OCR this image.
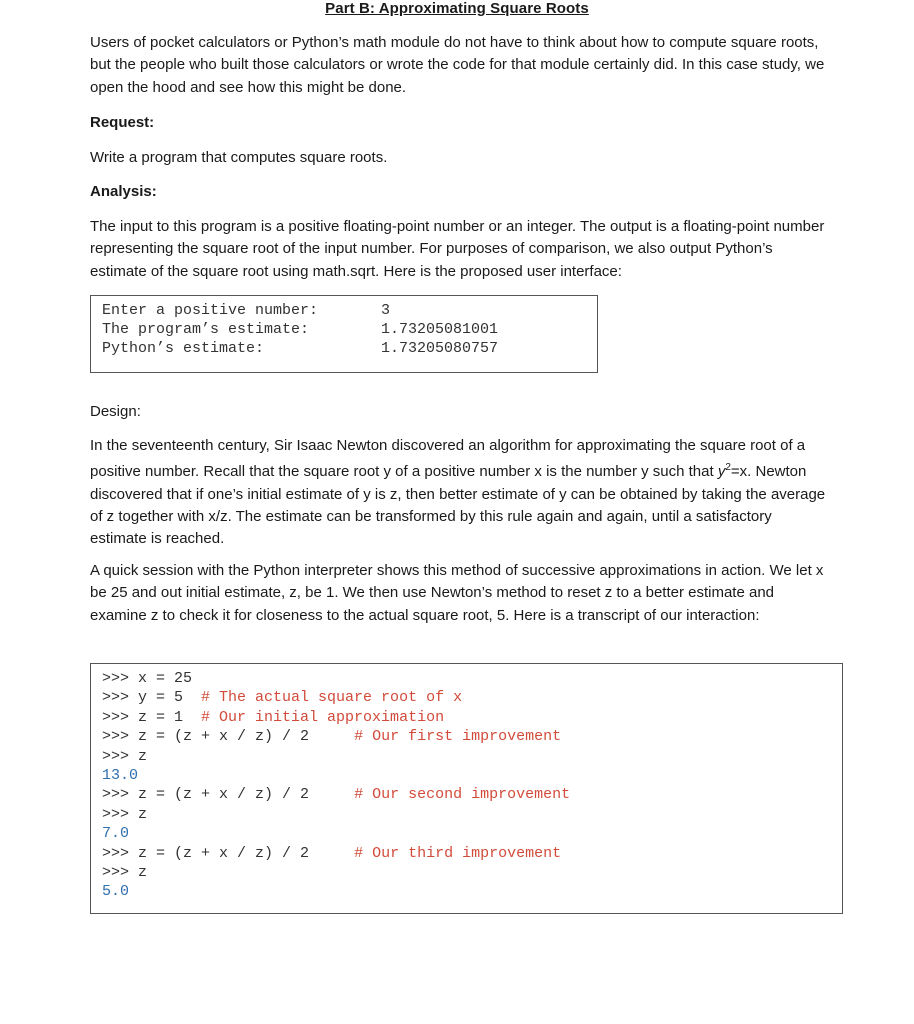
Part B: Approximating Square Roots
Users of pocket calculators or Python’s math module do not have to think about how to compute square roots, but the people who built those calculators or wrote the code for that module certainly did. In this case study, we open the hood and see how this might be done.
Request:
Write a program that computes square roots.
Analysis:
The input to this program is a positive floating-point number or an integer. The output is a floating-point number representing the square root of the input number. For purposes of comparison, we also output Python’s estimate of the square root using math.sqrt. Here is the proposed user interface:
Enter a positive number:	3
The program’s estimate:	1.73205081001
Python’s estimate:	1.73205080757
Design:
In the seventeenth century, Sir Isaac Newton discovered an algorithm for approximating the square root of a positive number. Recall that the square root y of a positive number x is the number y such that $y^2=x$. Newton discovered that if one’s initial estimate of y is z, then better estimate of y can be obtained by taking the average of z together with x/z. The estimate can be transformed by this rule again and again, until a satisfactory estimate is reached.
A quick session with the Python interpreter shows this method of successive approximations in action. We let x be 25 and out initial estimate, z, be 1. We then use Newton’s method to reset z to a better estimate and examine z to check it for closeness to the actual square root, 5. Here is a transcript of our interaction:
>>> x = 25
>>> y = 5  # The actual square root of x
>>> z = 1  # Our initial approximation
>>> z = (z + x / z) / 2     # Our first improvement
>>> z
13.0
>>> z = (z + x / z) / 2     # Our second improvement
>>> z
7.0
>>> z = (z + x / z) / 2     # Our third improvement
>>> z
5.0
